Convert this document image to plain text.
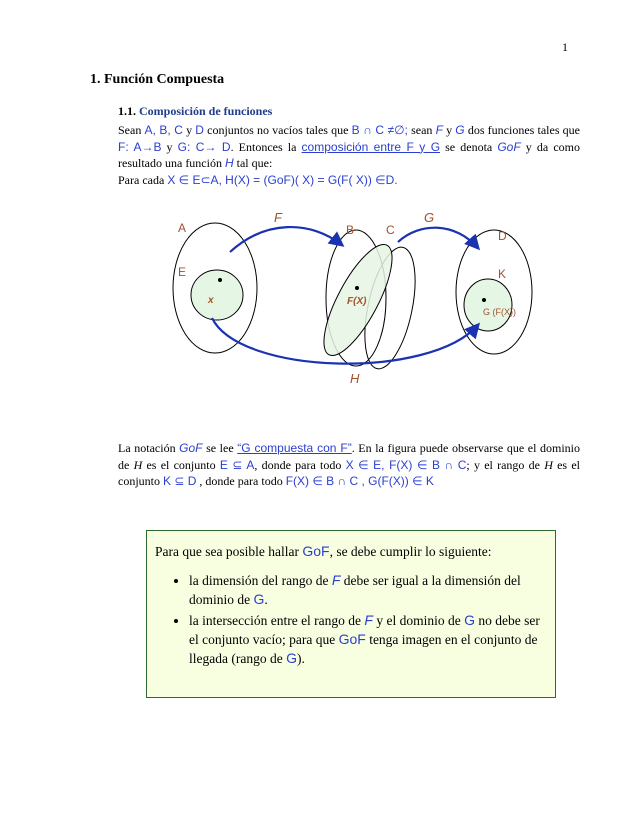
1
1. Función Compuesta
1.1. Composición de funciones
Sean A, B, C y D conjuntos no vacíos tales que B ∩ C ≠∅; sean F y G dos funciones tales que F: A→B y G: C→ D. Entonces la composición entre F y G se denota GoF y da como resultado una función H tal que:
Para cada X ∈ E⊂A, H(X) = (GoF)( X) = G(F( X)) ∈D.
A
E
B	C	D
K
F	G
H
x	F(X)
G (F(X))
La notación GoF se lee “G compuesta con F”. En la figura puede observarse que el dominio de H es el conjunto E ⊆ A, donde para todo X ∈ E, F(X) ∈ B ∩ C; y el rango de H es el conjunto K ⊆ D , donde para todo F(X) ∈ B ∩ C , G(F(X)) ∈ K
Para que sea posible hallar GoF, se debe cumplir lo siguiente:
• la dimensión del rango de F debe ser igual a la dimensión del dominio de G.
• la intersección entre el rango de F y el dominio de G no debe ser el conjunto vacío; para que GoF tenga imagen en el conjunto de llegada (rango de G).
